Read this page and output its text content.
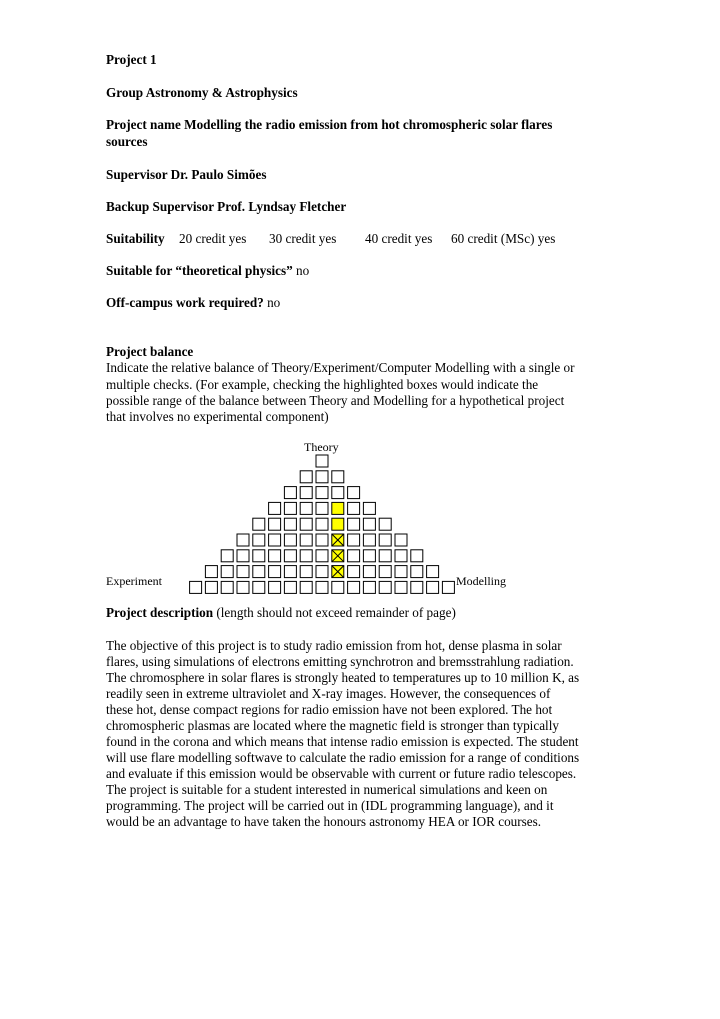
Project 1
Group Astronomy & Astrophysics
Project name Modelling the radio emission from hot chromospheric solar flares
sources
Supervisor Dr. Paulo Simões
Backup Supervisor Prof. Lyndsay Fletcher
Suitability 20 credit yes 30 credit yes 40 credit yes 60 credit (MSc) yes
Suitable for “theoretical physics” no
Off-campus work required? no
Project balance
Indicate the relative balance of Theory/Experiment/Computer Modelling with a single or
multiple checks. (For example, checking the highlighted boxes would indicate the
possible range of the balance between Theory and Modelling for a hypothetical project
that involves no experimental component)
Project description (length should not exceed remainder of page)
The objective of this project is to study radio emission from hot, dense plasma in solar
flares, using simulations of electrons emitting synchrotron and bremsstrahlung radiation.
The chromosphere in solar flares is strongly heated to temperatures up to 10 million K, as
readily seen in extreme ultraviolet and X-ray images. However, the consequences of
these hot, dense compact regions for radio emission have not been explored. The hot
chromospheric plasmas are located where the magnetic field is stronger than typically
found in the corona and which means that intense radio emission is expected. The student
will use flare modelling softwave to calculate the radio emission for a range of conditions
and evaluate if this emission would be observable with current or future radio telescopes.
The project is suitable for a student interested in numerical simulations and keen on
programming. The project will be carried out in (IDL programming language), and it
would be an advantage to have taken the honours astronomy HEA or IOR courses.
Theory
Experiment	Modelling
